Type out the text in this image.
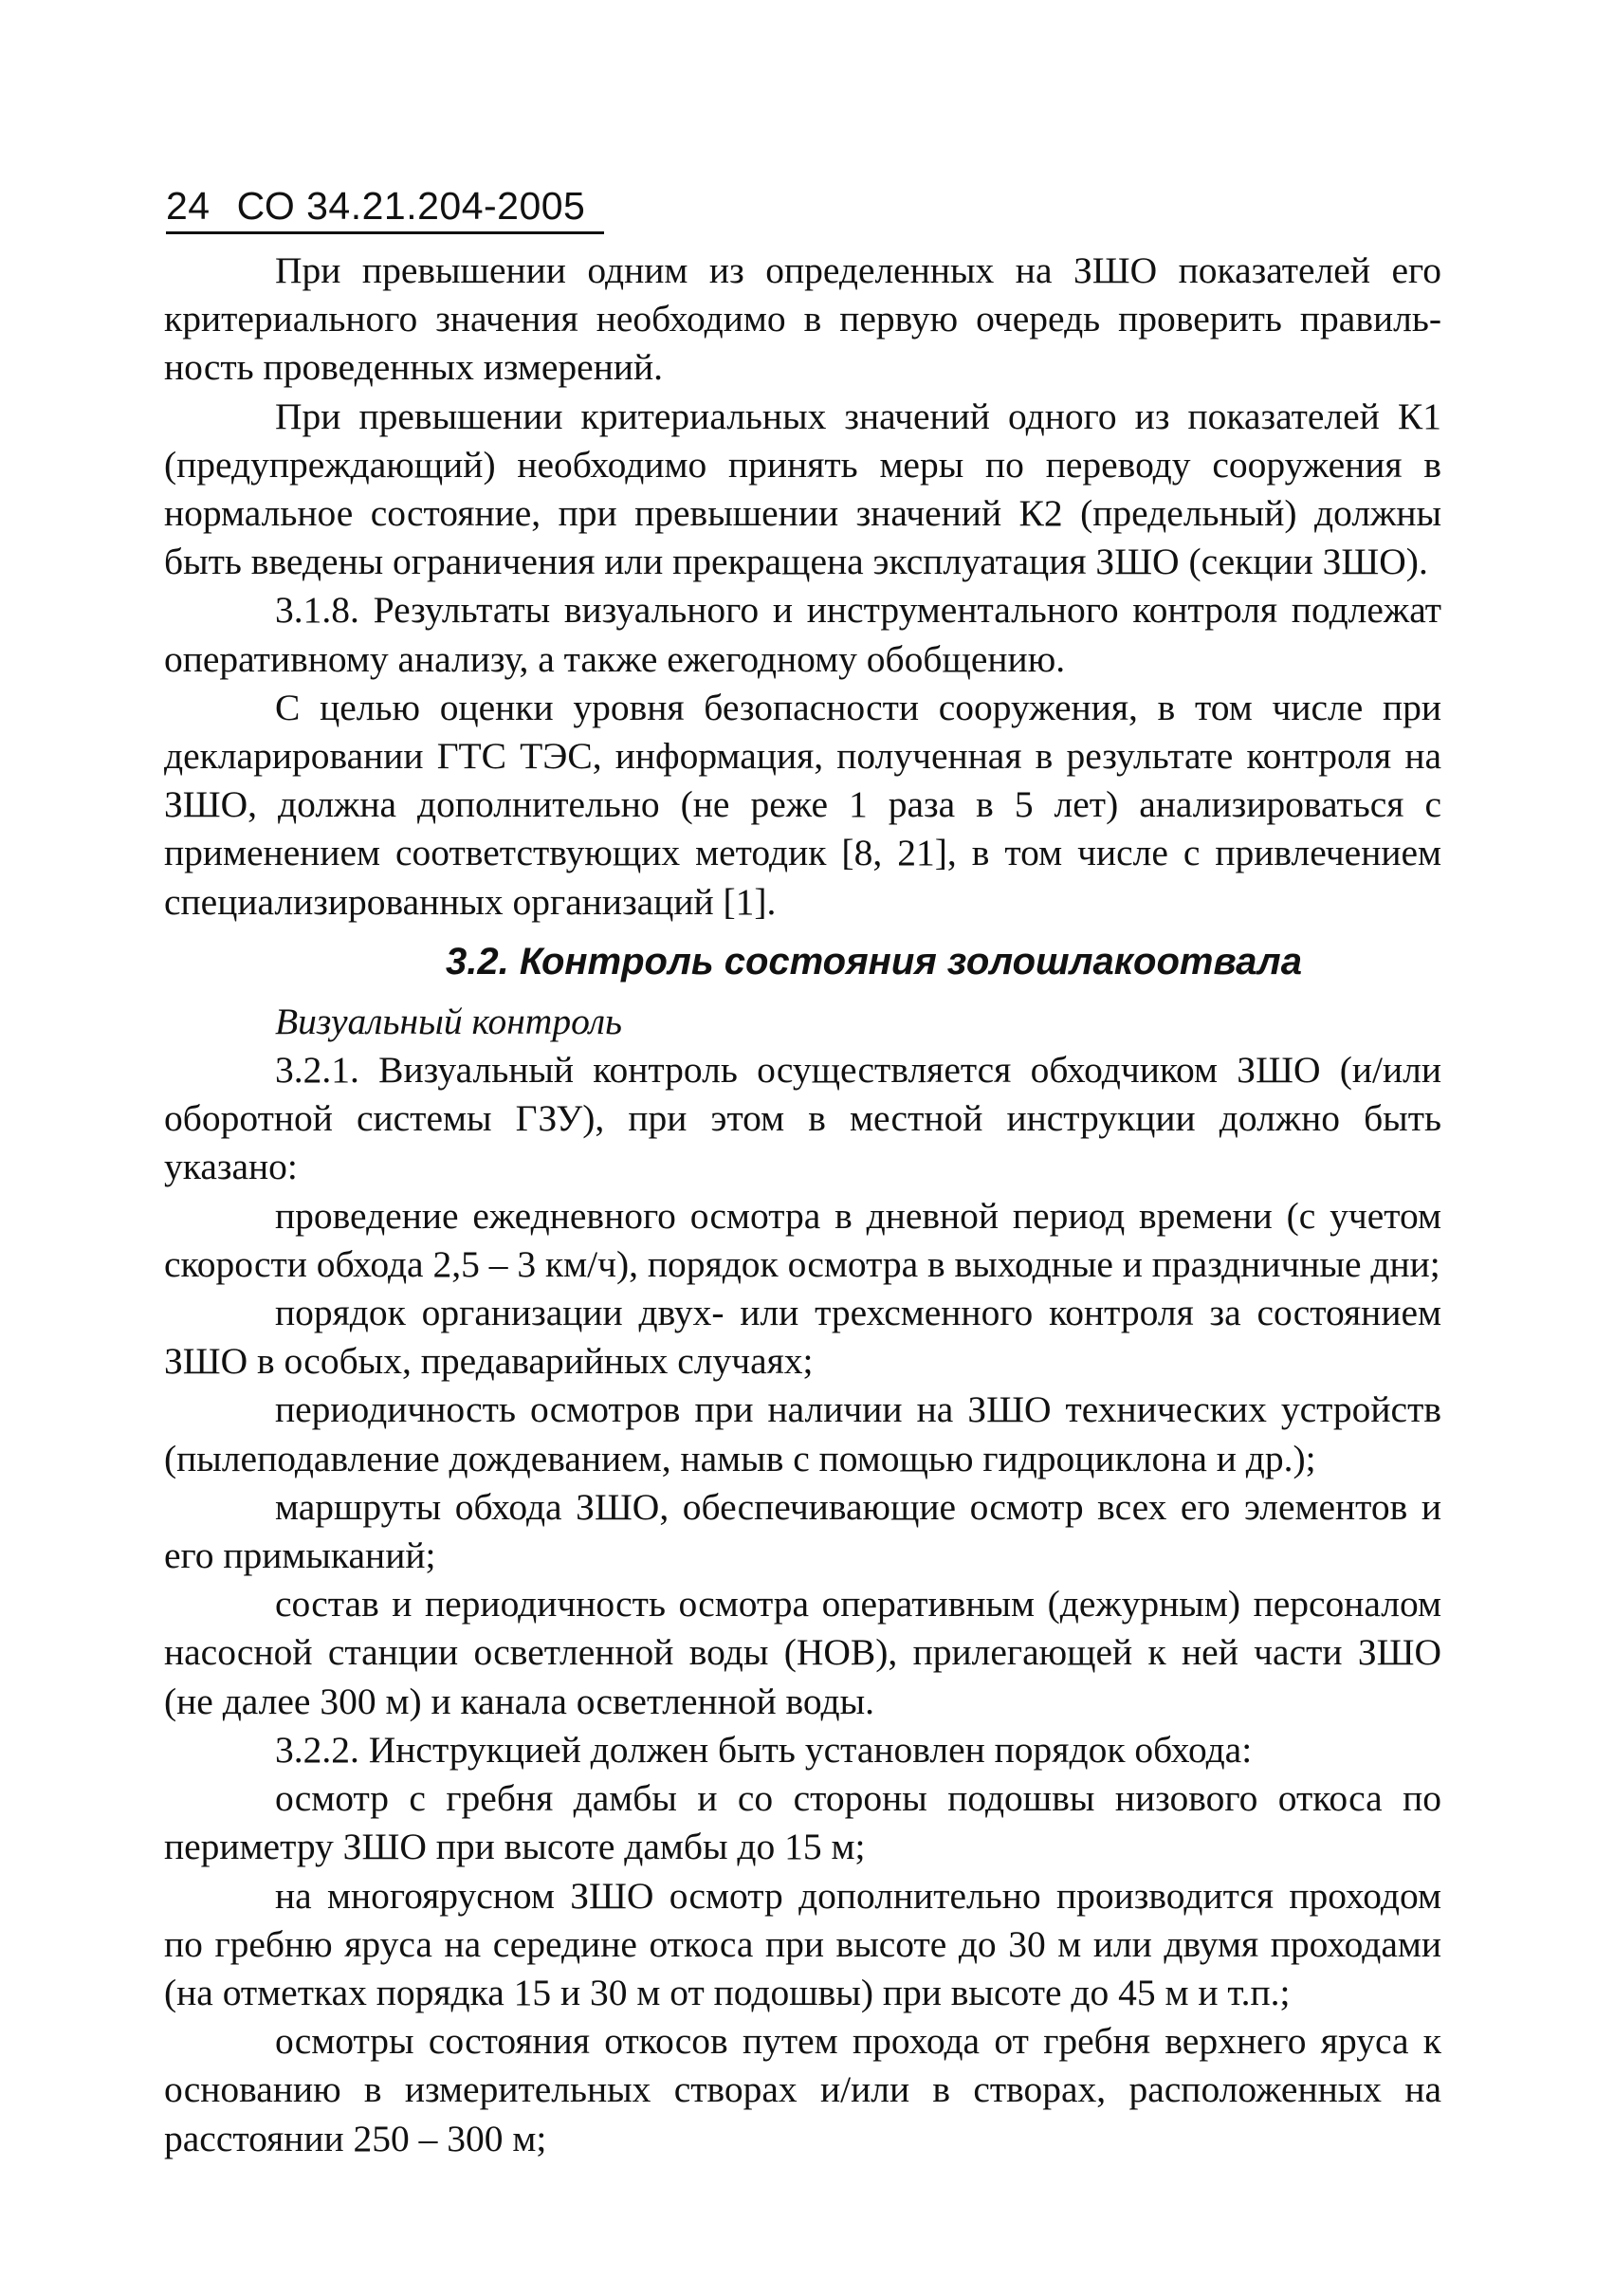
24 СО 34.21.204-2005

При превышении одним из определенных на ЗШО показателей его критериального значения необходимо в первую очередь проверить правильность проведенных измерений.

При превышении критериальных значений одного из показателей К1 (предупреждающий) необходимо принять меры по переводу сооружения в нормальное состояние, при превышении значений К2 (предельный) должны быть введены ограничения или прекращена эксплуатация ЗШО (секции ЗШО).

3.1.8. Результаты визуального и инструментального контроля подлежат оперативному анализу, а также ежегодному обобщению.

С целью оценки уровня безопасности сооружения, в том числе при декларировании ГТС ТЭС, информация, полученная в результате контроля на ЗШО, должна дополнительно (не реже 1 раза в 5 лет) анализироваться с применением соответствующих методик [8, 21], в том числе с привлечением специализированных организаций [1].

3.2. Контроль состояния золошлакоотвала

Визуальный контроль

3.2.1. Визуальный контроль осуществляется обходчиком ЗШО (и/или оборотной системы ГЗУ), при этом в местной инструкции должно быть указано:

проведение ежедневного осмотра в дневной период времени (с учетом скорости обхода 2,5 – 3 км/ч), порядок осмотра в выходные и праздничные дни;

порядок организации двух- или трехсменного контроля за состоянием ЗШО в особых, предаварийных случаях;

периодичность осмотров при наличии на ЗШО технических устройств (пылеподавление дождеванием, намыв с помощью гидроциклона и др.);

маршруты обхода ЗШО, обеспечивающие осмотр всех его элементов и его примыканий;

состав и периодичность осмотра оперативным (дежурным) персоналом насосной станции осветленной воды (НОВ), прилегающей к ней части ЗШО (не далее 300 м) и канала осветленной воды.

3.2.2. Инструкцией должен быть установлен порядок обхода:

осмотр с гребня дамбы и со стороны подошвы низового откоса по периметру ЗШО при высоте дамбы до 15 м;

на многоярусном ЗШО осмотр дополнительно производится проходом по гребню яруса на середине откоса при высоте до 30 м или двумя проходами (на отметках порядка 15 и 30 м от подошвы) при высоте до 45 м и т.п.;

осмотры состояния откосов путем прохода от гребня верхнего яруса к основанию в измерительных створах и/или в створах, расположенных на расстоянии 250 – 300 м;
